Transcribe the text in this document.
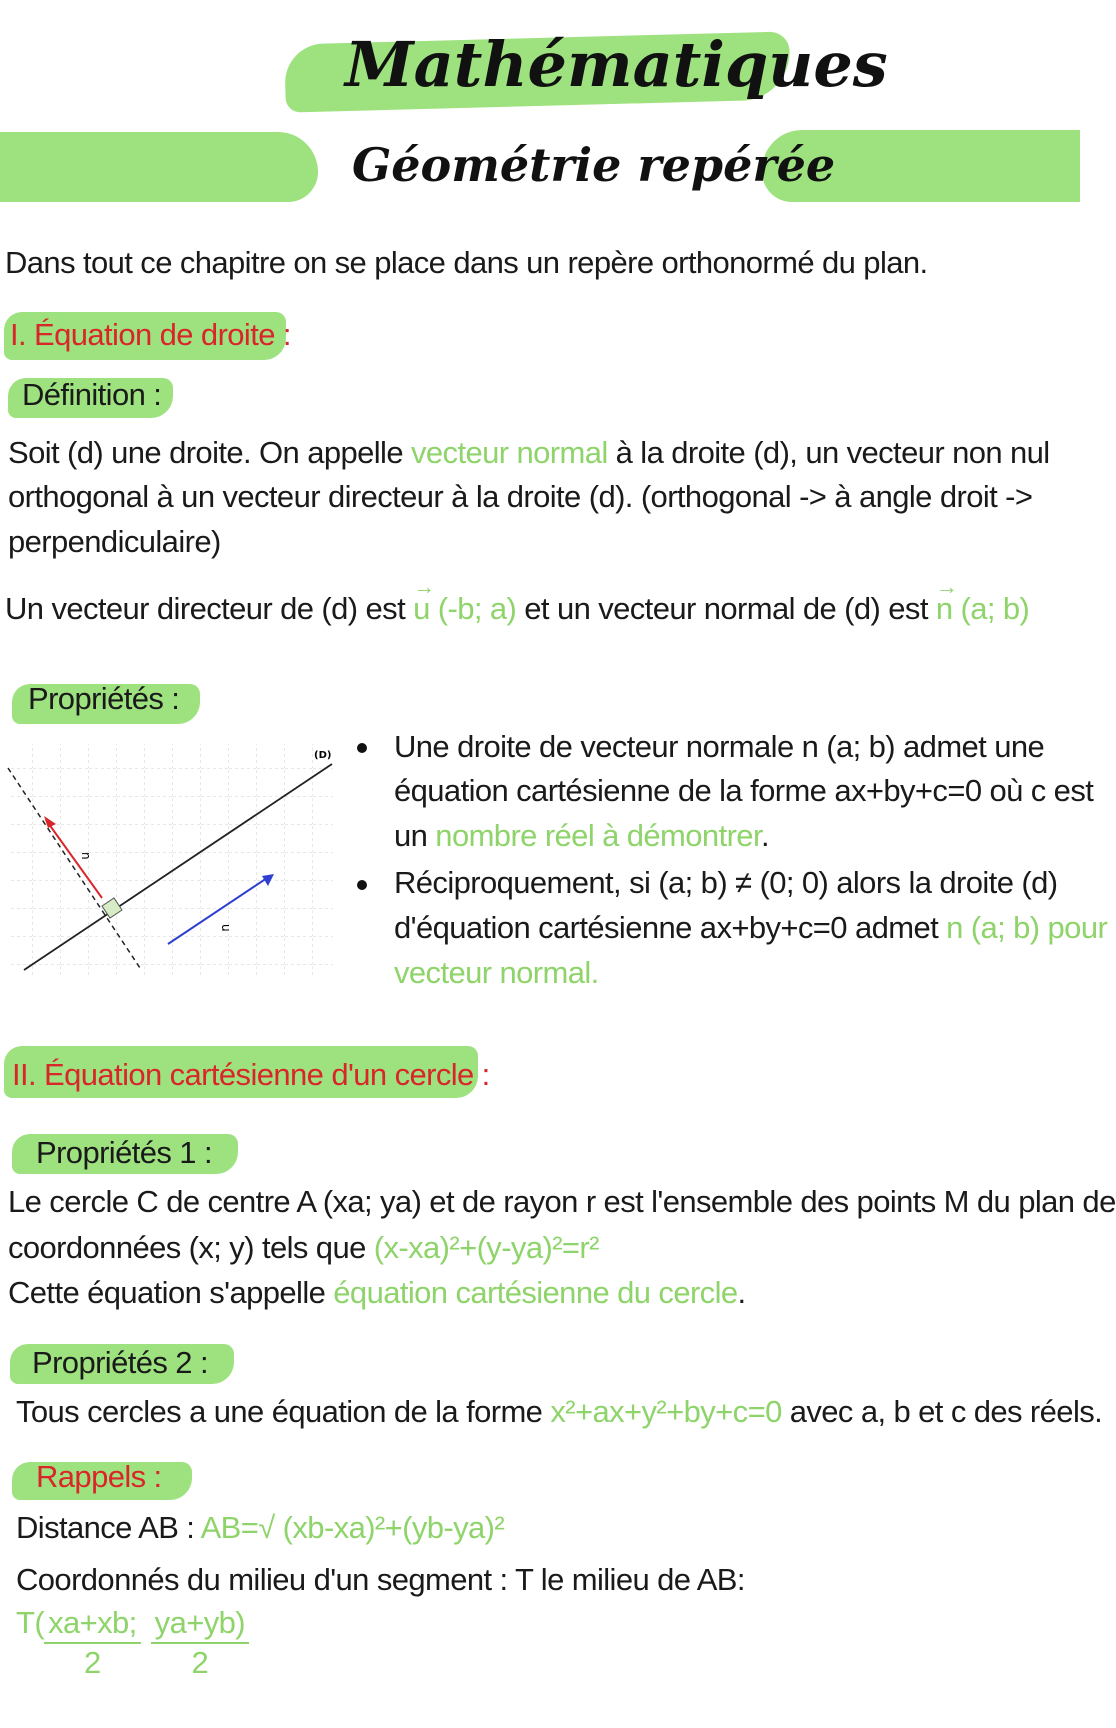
Mathématiques
Géométrie repérée
Dans tout ce chapitre on se place dans un repère orthonormé du plan.
I. Équation de droite :
Définition :
Soit (d) une droite. On appelle vecteur normal à la droite (d), un vecteur non nul
orthogonal à un vecteur directeur à la droite (d). (orthogonal -> à angle droit ->
perpendiculaire)
Un vecteur directeur de (d) est → u (-b; a) et un vecteur normal de (d) est → n (a; b)
Propriétés :
(D)
n
u
Une droite de vecteur normale n (a; b) admet une
équation cartésienne de la forme ax+by+c=0 où c est
un nombre réel à démontrer.
Réciproquement, si (a; b) ≠ (0; 0) alors la droite (d)
d'équation cartésienne ax+by+c=0 admet n (a; b) pour
vecteur normal.
II. Équation cartésienne d'un cercle :
Propriétés 1 :
Le cercle C de centre A (xa; ya) et de rayon r est l'ensemble des points M du plan de
coordonnées (x; y) tels que (x-xa)²+(y-ya)²=r²
Cette équation s'appelle équation cartésienne du cercle.
Propriétés 2 :
Tous cercles a une équation de la forme x²+ax+y²+by+c=0 avec a, b et c des réels.
Rappels :
Distance AB : AB=√ (xb-xa)²+(yb-ya)²
Coordonnés du milieu d'un segment : T le milieu de AB:
$T( \frac{xa+xb;}{2} \frac{ya+yb)}{2}$
